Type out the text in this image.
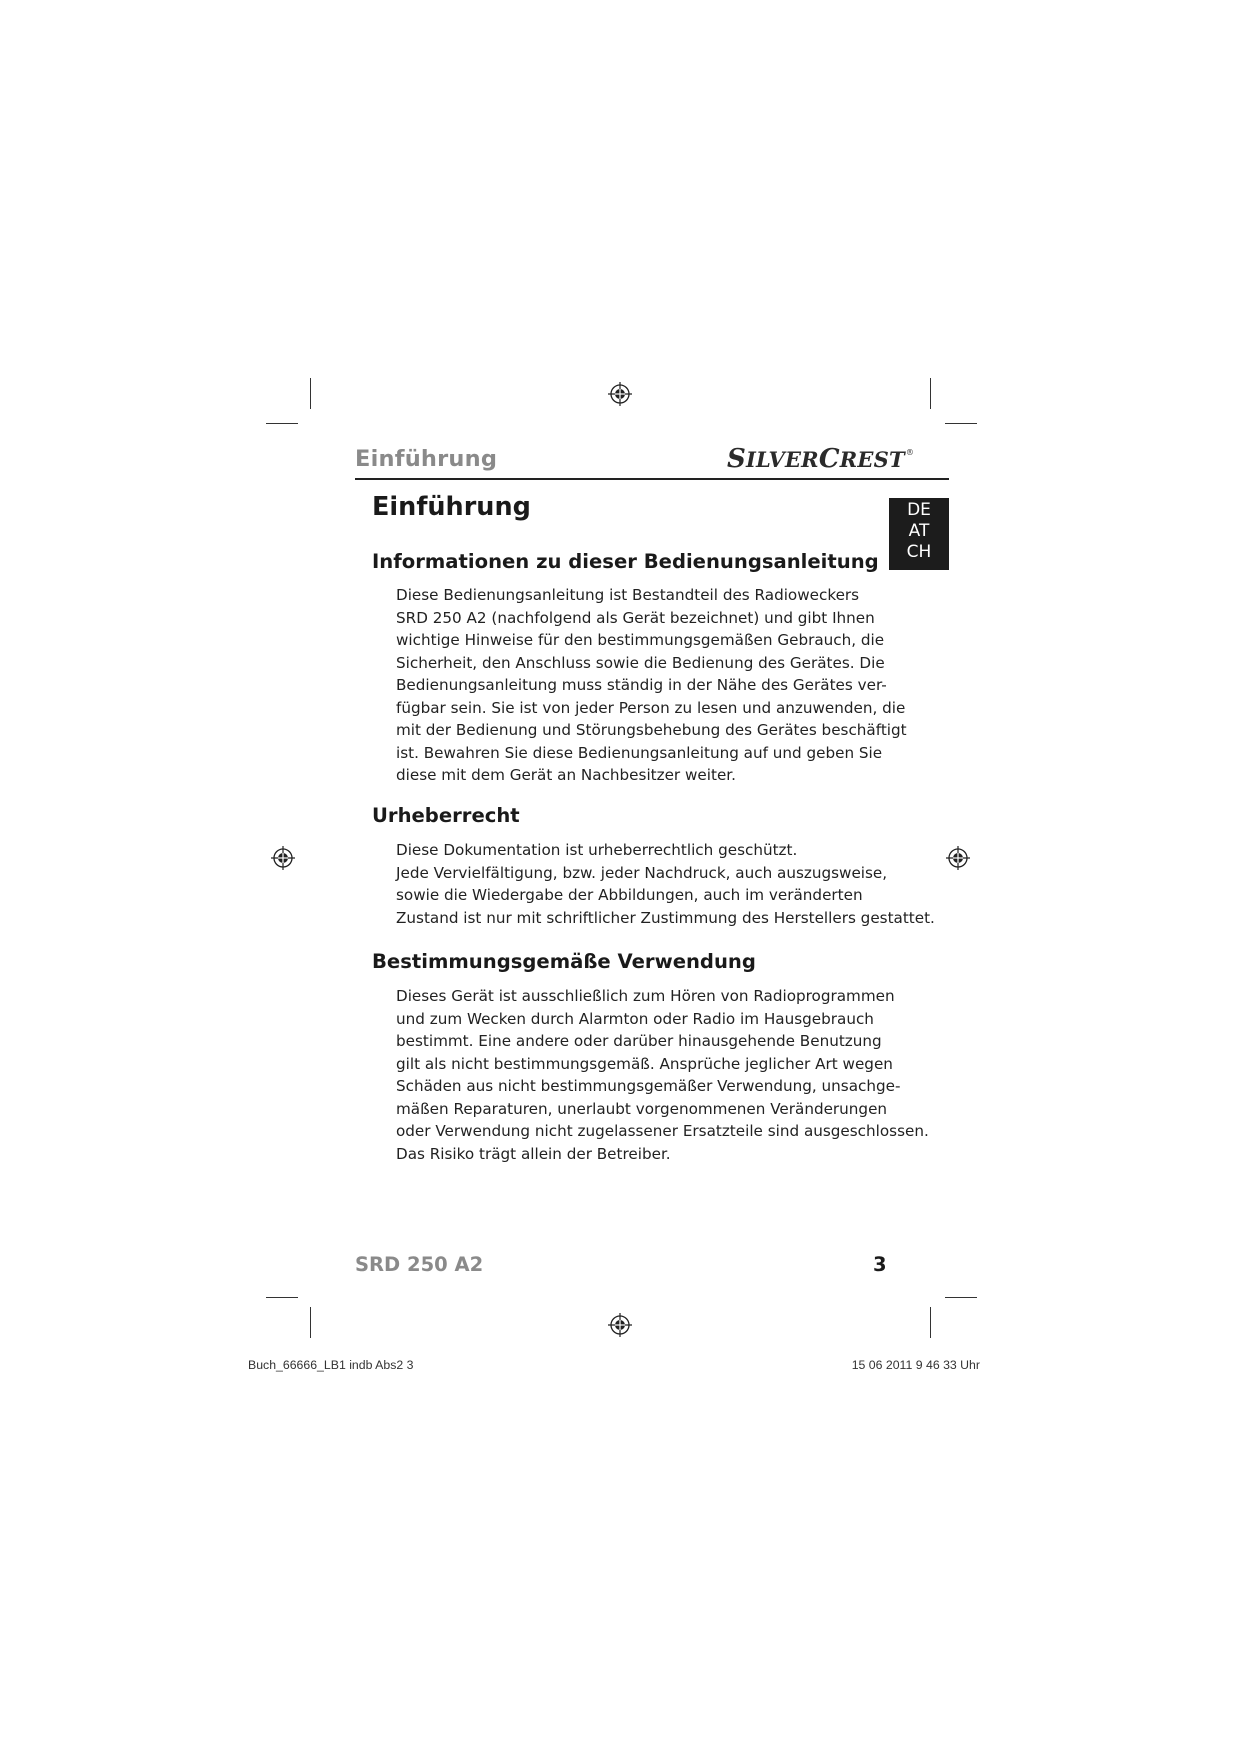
Einführung	SILVERCREST®
DE
AT
CH
Einführung
Informationen zu dieser Bedienungsanleitung
Diese Bedienungsanleitung ist Bestandteil des Radioweckers
SRD 250 A2 (nachfolgend als Gerät bezeichnet) und gibt Ihnen
wichtige Hinweise für den bestimmungsgemäßen Gebrauch, die
Sicherheit, den Anschluss sowie die Bedienung des Gerätes. Die
Bedienungsanleitung muss ständig in der Nähe des Gerätes ver-
fügbar sein. Sie ist von jeder Person zu lesen und anzuwenden, die
mit der Bedienung und Störungsbehebung des Gerätes beschäftigt
ist. Bewahren Sie diese Bedienungsanleitung auf und geben Sie
diese mit dem Gerät an Nachbesitzer weiter.
Urheberrecht
Diese Dokumentation ist urheberrechtlich geschützt.
Jede Vervielfältigung, bzw. jeder Nachdruck, auch auszugsweise,
sowie die Wiedergabe der Abbildungen, auch im veränderten
Zustand ist nur mit schriftlicher Zustimmung des Herstellers gestattet.
Bestimmungsgemäße Verwendung
Dieses Gerät ist ausschließlich zum Hören von Radioprogrammen
und zum Wecken durch Alarmton oder Radio im Hausgebrauch
bestimmt. Eine andere oder darüber hinausgehende Benutzung
gilt als nicht bestimmungsgemäß. Ansprüche jeglicher Art wegen
Schäden aus nicht bestimmungsgemäßer Verwendung, unsachge-
mäßen Reparaturen, unerlaubt vorgenommenen Veränderungen
oder Verwendung nicht zugelassener Ersatzteile sind ausgeschlossen.
Das Risiko trägt allein der Betreiber.
SRD 250 A2	3
Buch_66666_LB1 indb Abs2 3	15 06 2011 9 46 33 Uhr
